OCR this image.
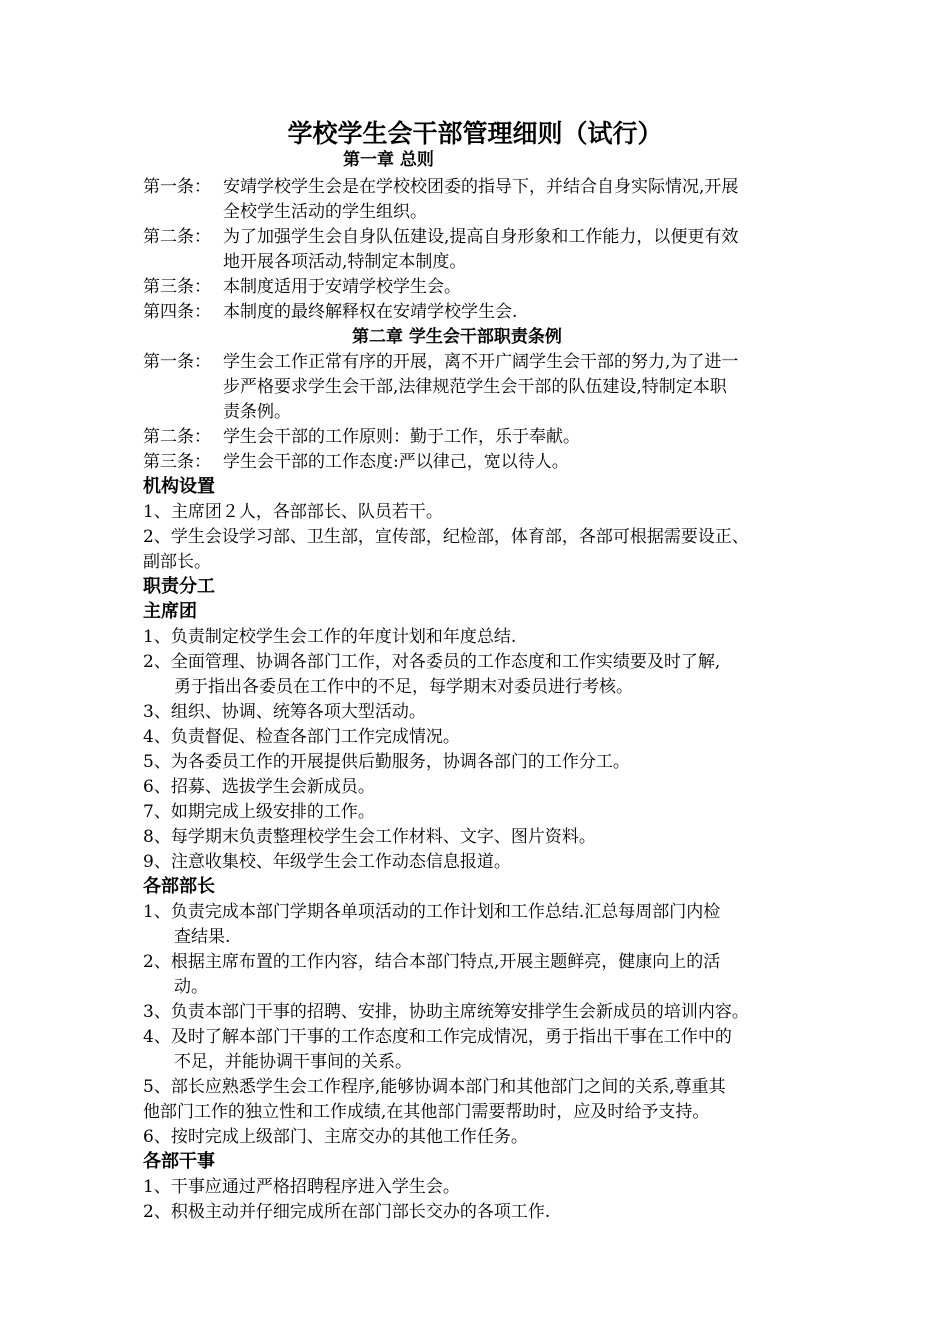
学校学生会干部管理细则（试行）
第一章 总则
第一条： 安靖学校学生会是在学校校团委的指导下，并结合自身实际情况,开展
全校学生活动的学生组织。
第二条： 为了加强学生会自身队伍建设,提高自身形象和工作能力，以便更有效
地开展各项活动,特制定本制度。
第三条： 本制度适用于安靖学校学生会。
第四条： 本制度的最终解释权在安靖学校学生会.
第二章 学生会干部职责条例
第一条： 学生会工作正常有序的开展，离不开广阔学生会干部的努力,为了进一
步严格要求学生会干部,法律规范学生会干部的队伍建设,特制定本职
责条例。
第二条： 学生会干部的工作原则：勤于工作，乐于奉献。
第三条： 学生会干部的工作态度:严以律己，宽以待人。
机构设置
1、主席团２人，各部部长、队员若干。
2、学生会设学习部、卫生部，宣传部，纪检部，体育部，各部可根据需要设正、
副部长。
职责分工
主席团
1、负责制定校学生会工作的年度计划和年度总结.
2、全面管理、协调各部门工作，对各委员的工作态度和工作实绩要及时了解,
勇于指出各委员在工作中的不足，每学期末对委员进行考核。
3、组织、协调、统筹各项大型活动。
4、负责督促、检查各部门工作完成情况。
5、为各委员工作的开展提供后勤服务，协调各部门的工作分工。
6、招募、选拔学生会新成员。
7、如期完成上级安排的工作。
8、每学期末负责整理校学生会工作材料、文字、图片资料。
9、注意收集校、年级学生会工作动态信息报道。
各部部长
1、负责完成本部门学期各单项活动的工作计划和工作总结.汇总每周部门内检
查结果.
2、根据主席布置的工作内容，结合本部门特点,开展主题鲜亮，健康向上的活
动。
3、负责本部门干事的招聘、安排，协助主席统筹安排学生会新成员的培训内容。
4、及时了解本部门干事的工作态度和工作完成情况，勇于指出干事在工作中的
不足，并能协调干事间的关系。
5、部长应熟悉学生会工作程序,能够协调本部门和其他部门之间的关系,尊重其
他部门工作的独立性和工作成绩,在其他部门需要帮助时，应及时给予支持。
6、按时完成上级部门、主席交办的其他工作任务。
各部干事
1、干事应通过严格招聘程序进入学生会。
2、积极主动并仔细完成所在部门部长交办的各项工作.
